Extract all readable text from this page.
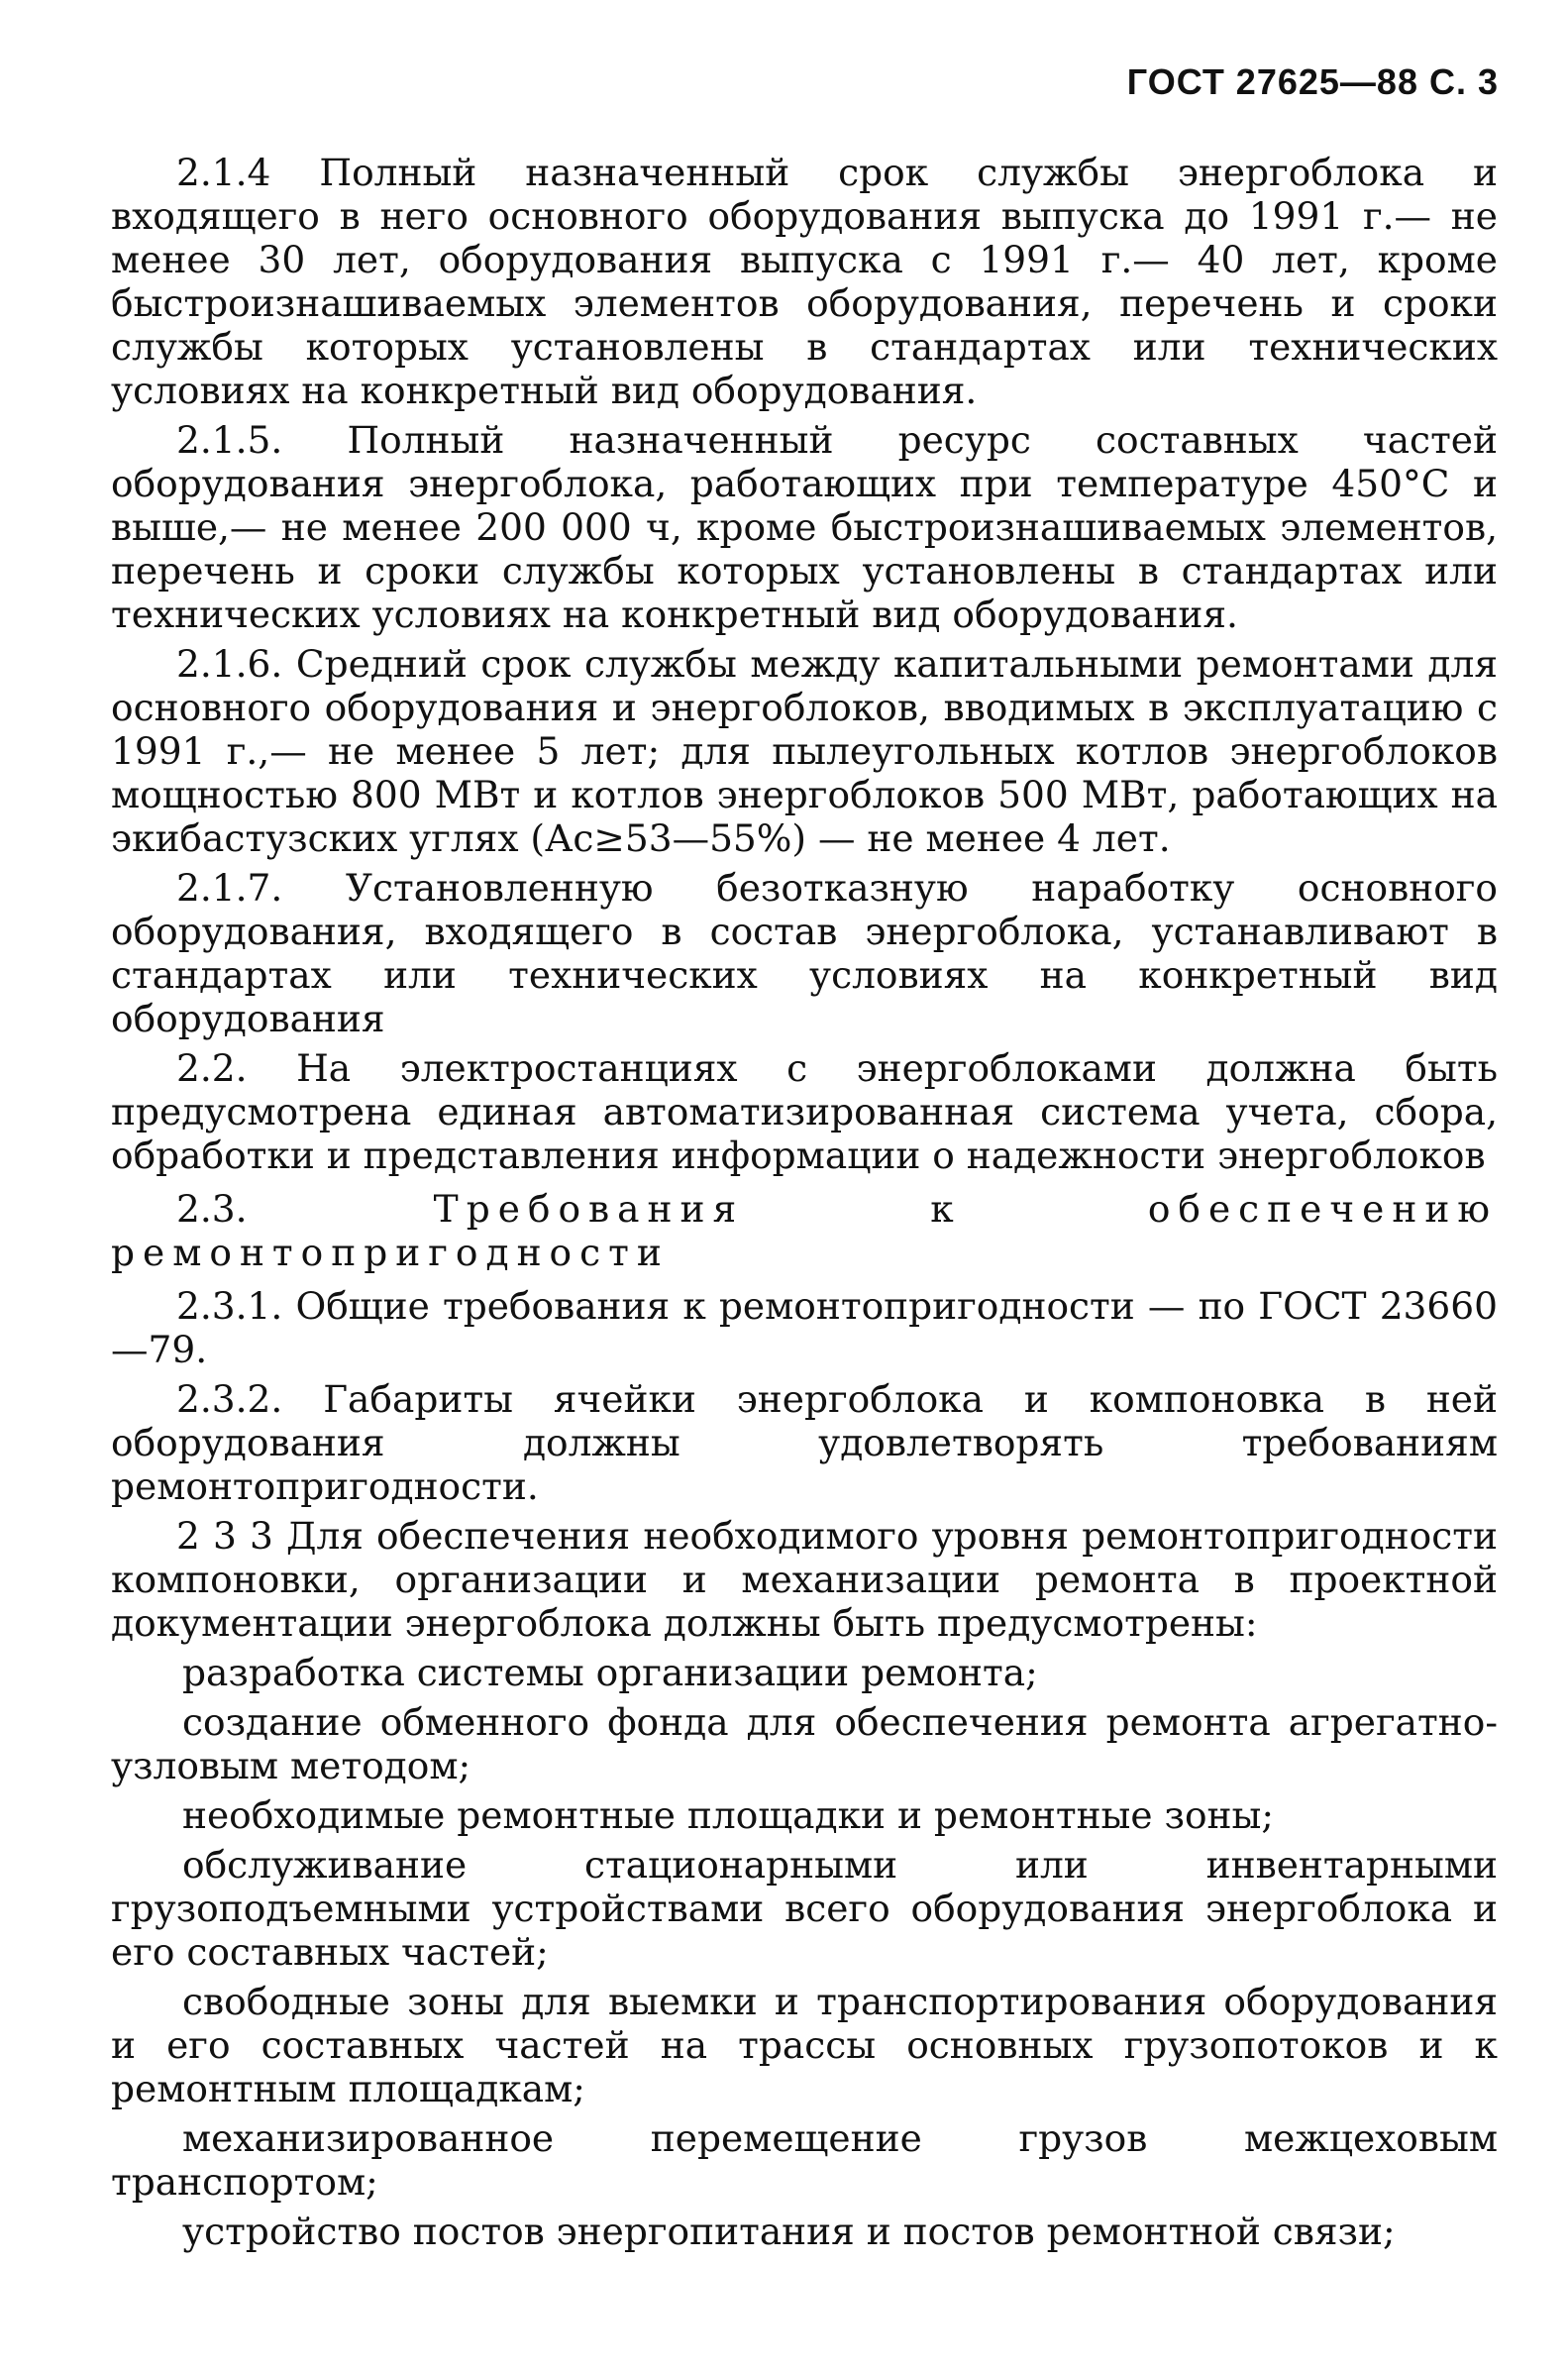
ГОСТ 27625—88 С. 3

2.1.4 Полный назначенный срок службы энергоблока и входящего в него основного оборудования выпуска до 1991 г.— не менее 30 лет, оборудования выпуска с 1991 г.— 40 лет, кроме быстроизнашиваемых элементов оборудования, перечень и сроки службы которых установлены в стандартах или технических условиях на конкретный вид оборудования.

2.1.5. Полный назначенный ресурс составных частей оборудования энергоблока, работающих при температуре 450°С и выше,— не менее 200 000 ч, кроме быстроизнашиваемых элементов, перечень и сроки службы которых установлены в стандартах или технических условиях на конкретный вид оборудования.

2.1.6. Средний срок службы между капитальными ремонтами для основного оборудования и энергоблоков, вводимых в эксплуатацию с 1991 г.,— не менее 5 лет; для пылеугольных котлов энергоблоков мощностью 800 МВт и котлов энергоблоков 500 МВт, работающих на экибастузских углях (Ас≥53—55%) — не менее 4 лет.

2.1.7. Установленную безотказную наработку основного оборудования, входящего в состав энергоблока, устанавливают в стандартах или технических условиях на конкретный вид оборудования

2.2. На электростанциях с энергоблоками должна быть предусмотрена единая автоматизированная система учета, сбора, обработки и представления информации о надежности энергоблоков

2.3. Требования к обеспечению ремонтопригодности

2.3.1. Общие требования к ремонтопригодности — по ГОСТ 23660—79.

2.3.2. Габариты ячейки энергоблока и компоновка в ней оборудования должны удовлетворять требованиям ремонтопригодности.

2 3 3 Для обеспечения необходимого уровня ремонтопригодности компоновки, организации и механизации ремонта в проектной документации энергоблока должны быть предусмотрены:

разработка системы организации ремонта;

создание обменного фонда для обеспечения ремонта агрегатно-узловым методом;

необходимые ремонтные площадки и ремонтные зоны;

обслуживание стационарными или инвентарными грузоподъемными устройствами всего оборудования энергоблока и его составных частей;

свободные зоны для выемки и транспортирования оборудования и его составных частей на трассы основных грузопотоков и к ремонтным площадкам;

механизированное перемещение грузов межцеховым транспортом;

устройство постов энергопитания и постов ремонтной связи;
